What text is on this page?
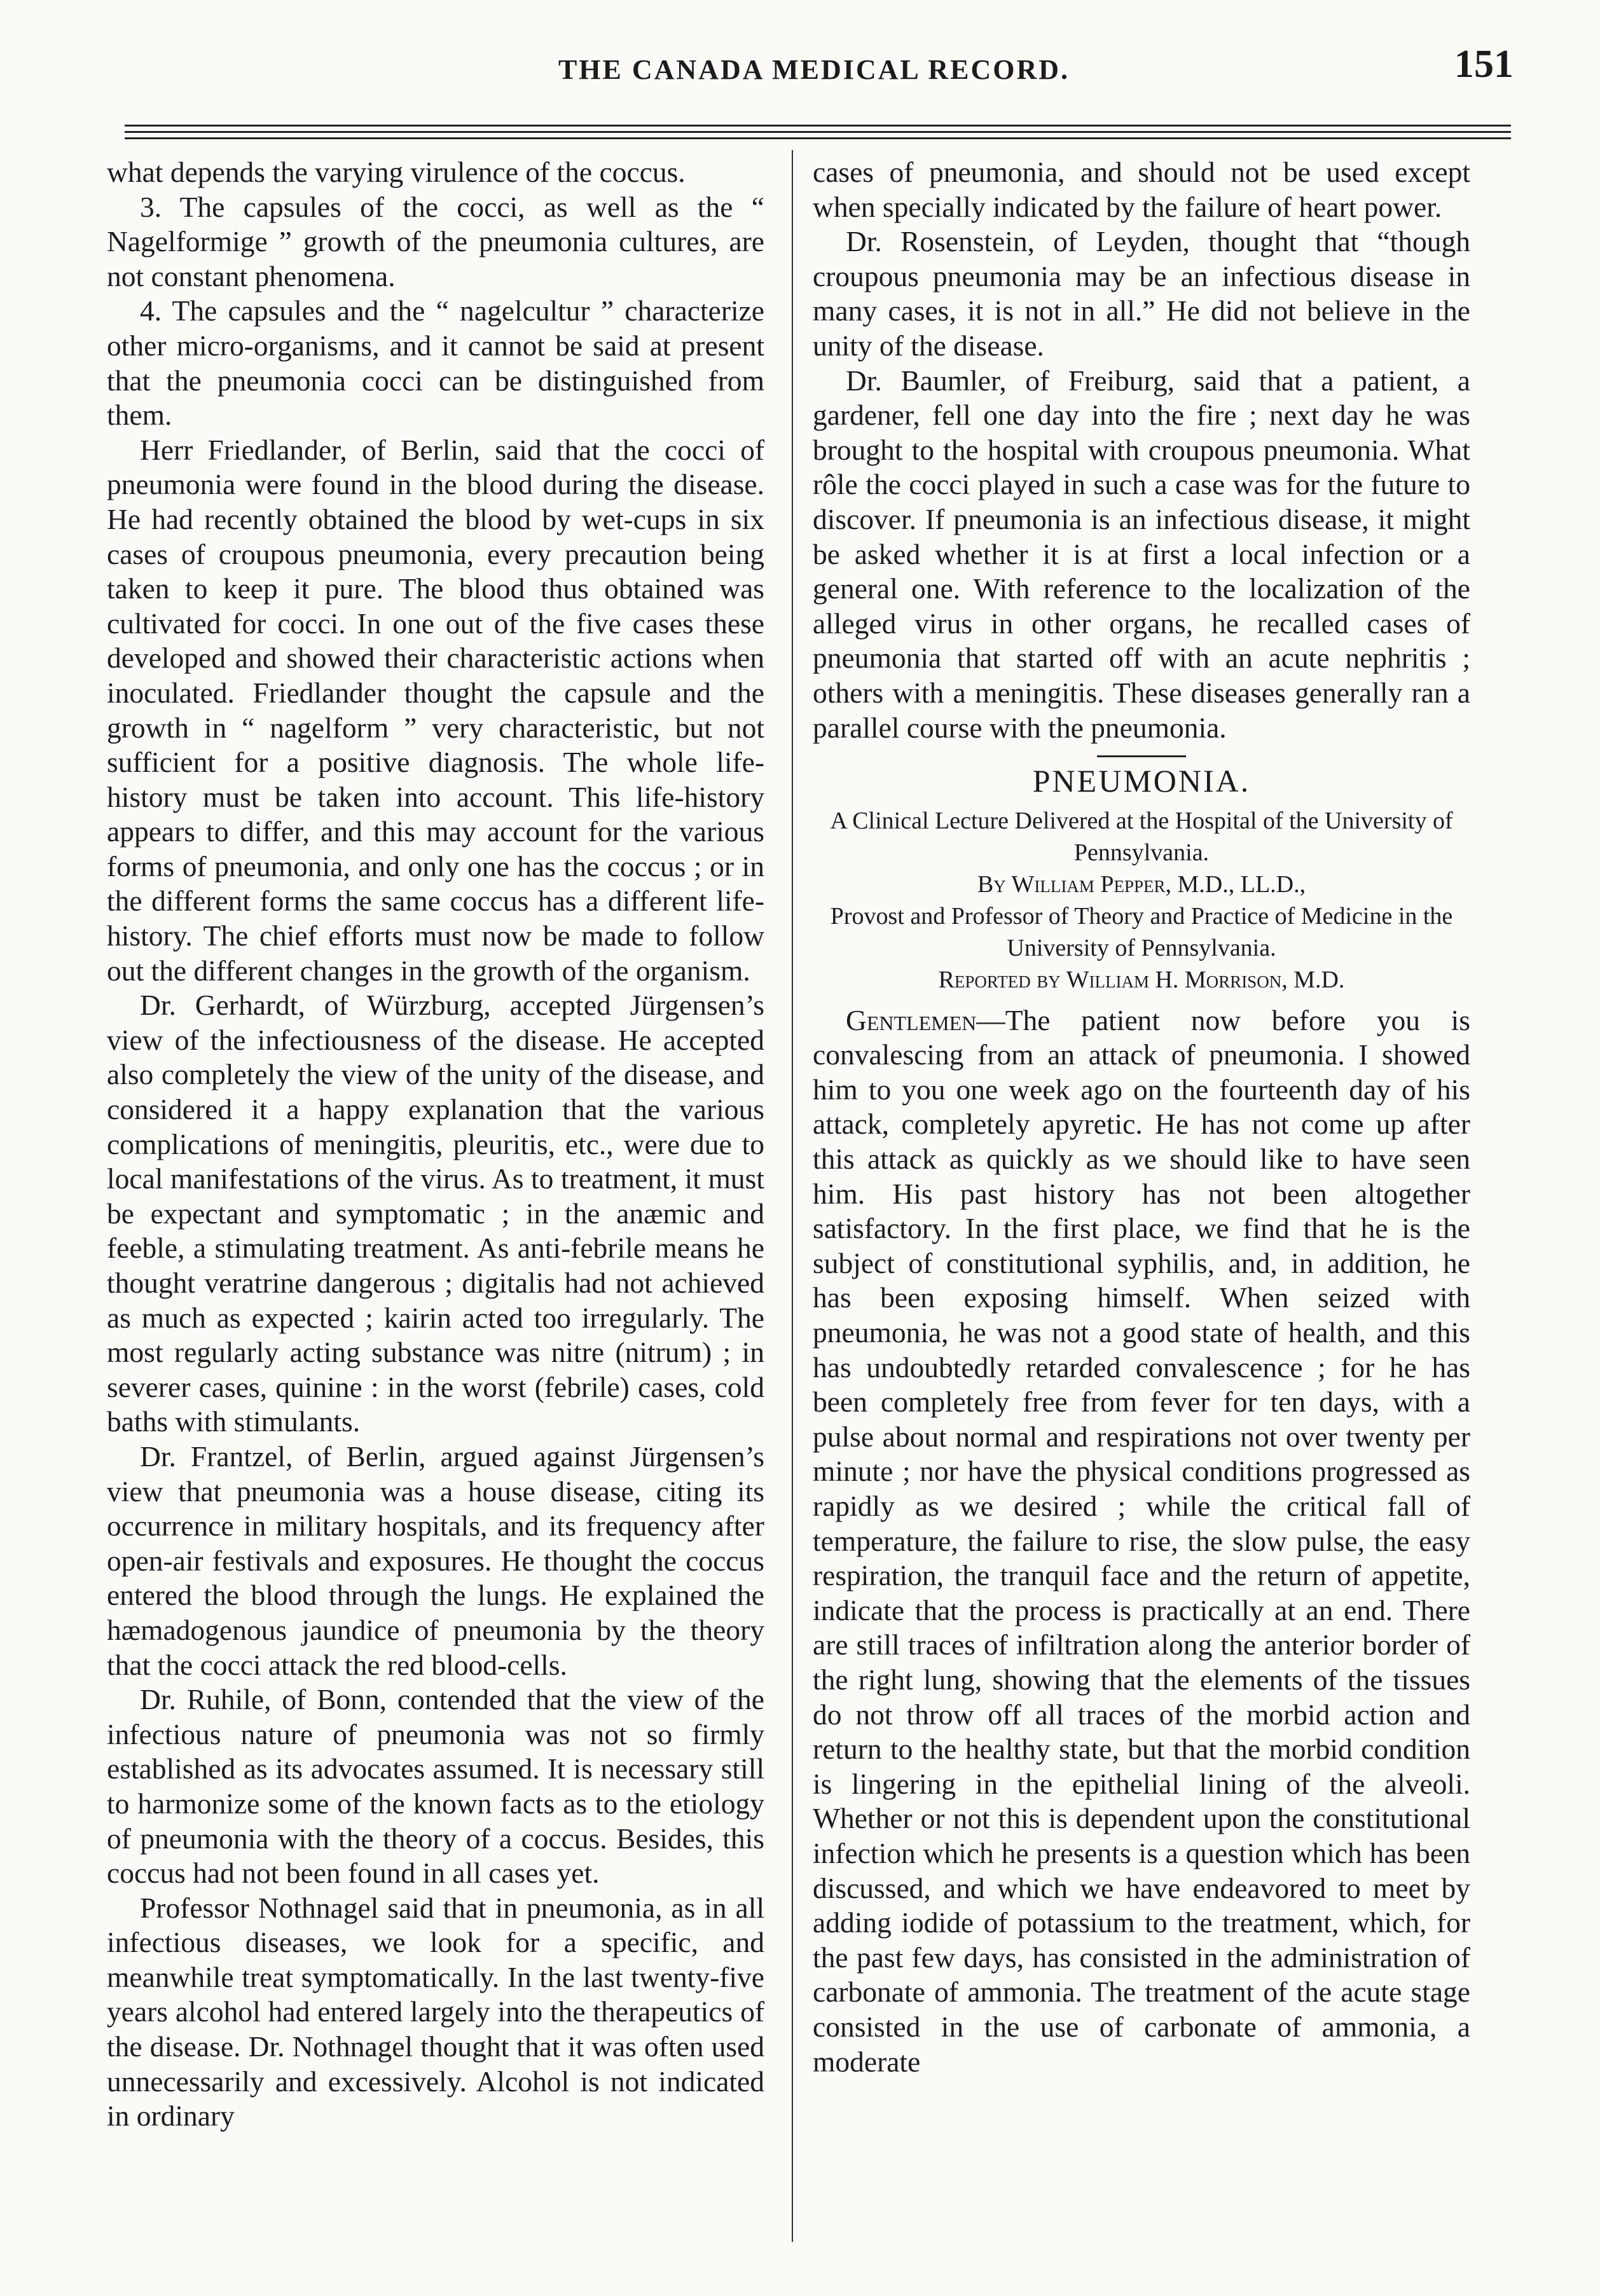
THE CANADA MEDICAL RECORD.	151

what depends the varying virulence of the coccus.

3. The capsules of the cocci, as well as the “ Nagelformige ” growth of the pneumonia cultures, are not constant phenomena.

4. The capsules and the “ nagelcultur ” characterize other micro-organisms, and it cannot be said at present that the pneumonia cocci can be distinguished from them.

Herr Friedlander, of Berlin, said that the cocci of pneumonia were found in the blood during the disease. He had recently obtained the blood by wet-cups in six cases of croupous pneumonia, every precaution being taken to keep it pure. The blood thus obtained was cultivated for cocci. In one out of the five cases these developed and showed their characteristic actions when inoculated. Friedlander thought the capsule and the growth in “ nagelform ” very characteristic, but not sufficient for a positive diagnosis. The whole life-history must be taken into account. This life-history appears to differ, and this may account for the various forms of pneumonia, and only one has the coccus ; or in the different forms the same coccus has a different life-history. The chief efforts must now be made to follow out the different changes in the growth of the organism.

Dr. Gerhardt, of Würzburg, accepted Jürgensen’s view of the infectiousness of the disease. He accepted also completely the view of the unity of the disease, and considered it a happy explanation that the various complications of meningitis, pleuritis, etc., were due to local manifestations of the virus. As to treatment, it must be expectant and symptomatic ; in the anæmic and feeble, a stimulating treatment. As anti-febrile means he thought veratrine dangerous ; digitalis had not achieved as much as expected ; kairin acted too irregularly. The most regularly acting substance was nitre (nitrum) ; in severer cases, quinine : in the worst (febrile) cases, cold baths with stimulants.

Dr. Frantzel, of Berlin, argued against Jürgensen’s view that pneumonia was a house disease, citing its occurrence in military hospitals, and its frequency after open-air festivals and exposures. He thought the coccus entered the blood through the lungs. He explained the hæmadogenous jaundice of pneumonia by the theory that the cocci attack the red blood-cells.

Dr. Ruhile, of Bonn, contended that the view of the infectious nature of pneumonia was not so firmly established as its advocates assumed. It is necessary still to harmonize some of the known facts as to the etiology of pneumonia with the theory of a coccus. Besides, this coccus had not been found in all cases yet.

Professor Nothnagel said that in pneumonia, as in all infectious diseases, we look for a specific, and meanwhile treat symptomatically. In the last twenty-five years alcohol had entered largely into the therapeutics of the disease. Dr. Nothnagel thought that it was often used unnecessarily and excessively. Alcohol is not indicated in ordinary

cases of pneumonia, and should not be used except when specially indicated by the failure of heart power.

Dr. Rosenstein, of Leyden, thought that “though croupous pneumonia may be an infectious disease in many cases, it is not in all.” He did not believe in the unity of the disease.

Dr. Baumler, of Freiburg, said that a patient, a gardener, fell one day into the fire ; next day he was brought to the hospital with croupous pneumonia. What rôle the cocci played in such a case was for the future to discover. If pneumonia is an infectious disease, it might be asked whether it is at first a local infection or a general one. With reference to the localization of the alleged virus in other organs, he recalled cases of pneumonia that started off with an acute nephritis ; others with a meningitis. These diseases generally ran a parallel course with the pneumonia.

PNEUMONIA.
A Clinical Lecture Delivered at the Hospital of the University of Pennsylvania.
By William Pepper, M.D., LL.D.,
Provost and Professor of Theory and Practice of Medicine in the University of Pennsylvania.
Reported by William H. Morrison, M.D.

Gentlemen—The patient now before you is convalescing from an attack of pneumonia. I showed him to you one week ago on the fourteenth day of his attack, completely apyretic. He has not come up after this attack as quickly as we should like to have seen him. His past history has not been altogether satisfactory. In the first place, we find that he is the subject of constitutional syphilis, and, in addition, he has been exposing himself. When seized with pneumonia, he was not a good state of health, and this has undoubtedly retarded convalescence ; for he has been completely free from fever for ten days, with a pulse about normal and respirations not over twenty per minute ; nor have the physical conditions progressed as rapidly as we desired ; while the critical fall of temperature, the failure to rise, the slow pulse, the easy respiration, the tranquil face and the return of appetite, indicate that the process is practically at an end. There are still traces of infiltration along the anterior border of the right lung, showing that the elements of the tissues do not throw off all traces of the morbid action and return to the healthy state, but that the morbid condition is lingering in the epithelial lining of the alveoli. Whether or not this is dependent upon the constitutional infection which he presents is a question which has been discussed, and which we have endeavored to meet by adding iodide of potassium to the treatment, which, for the past few days, has consisted in the administration of carbonate of ammonia. The treatment of the acute stage consisted in the use of carbonate of ammonia, a moderate
